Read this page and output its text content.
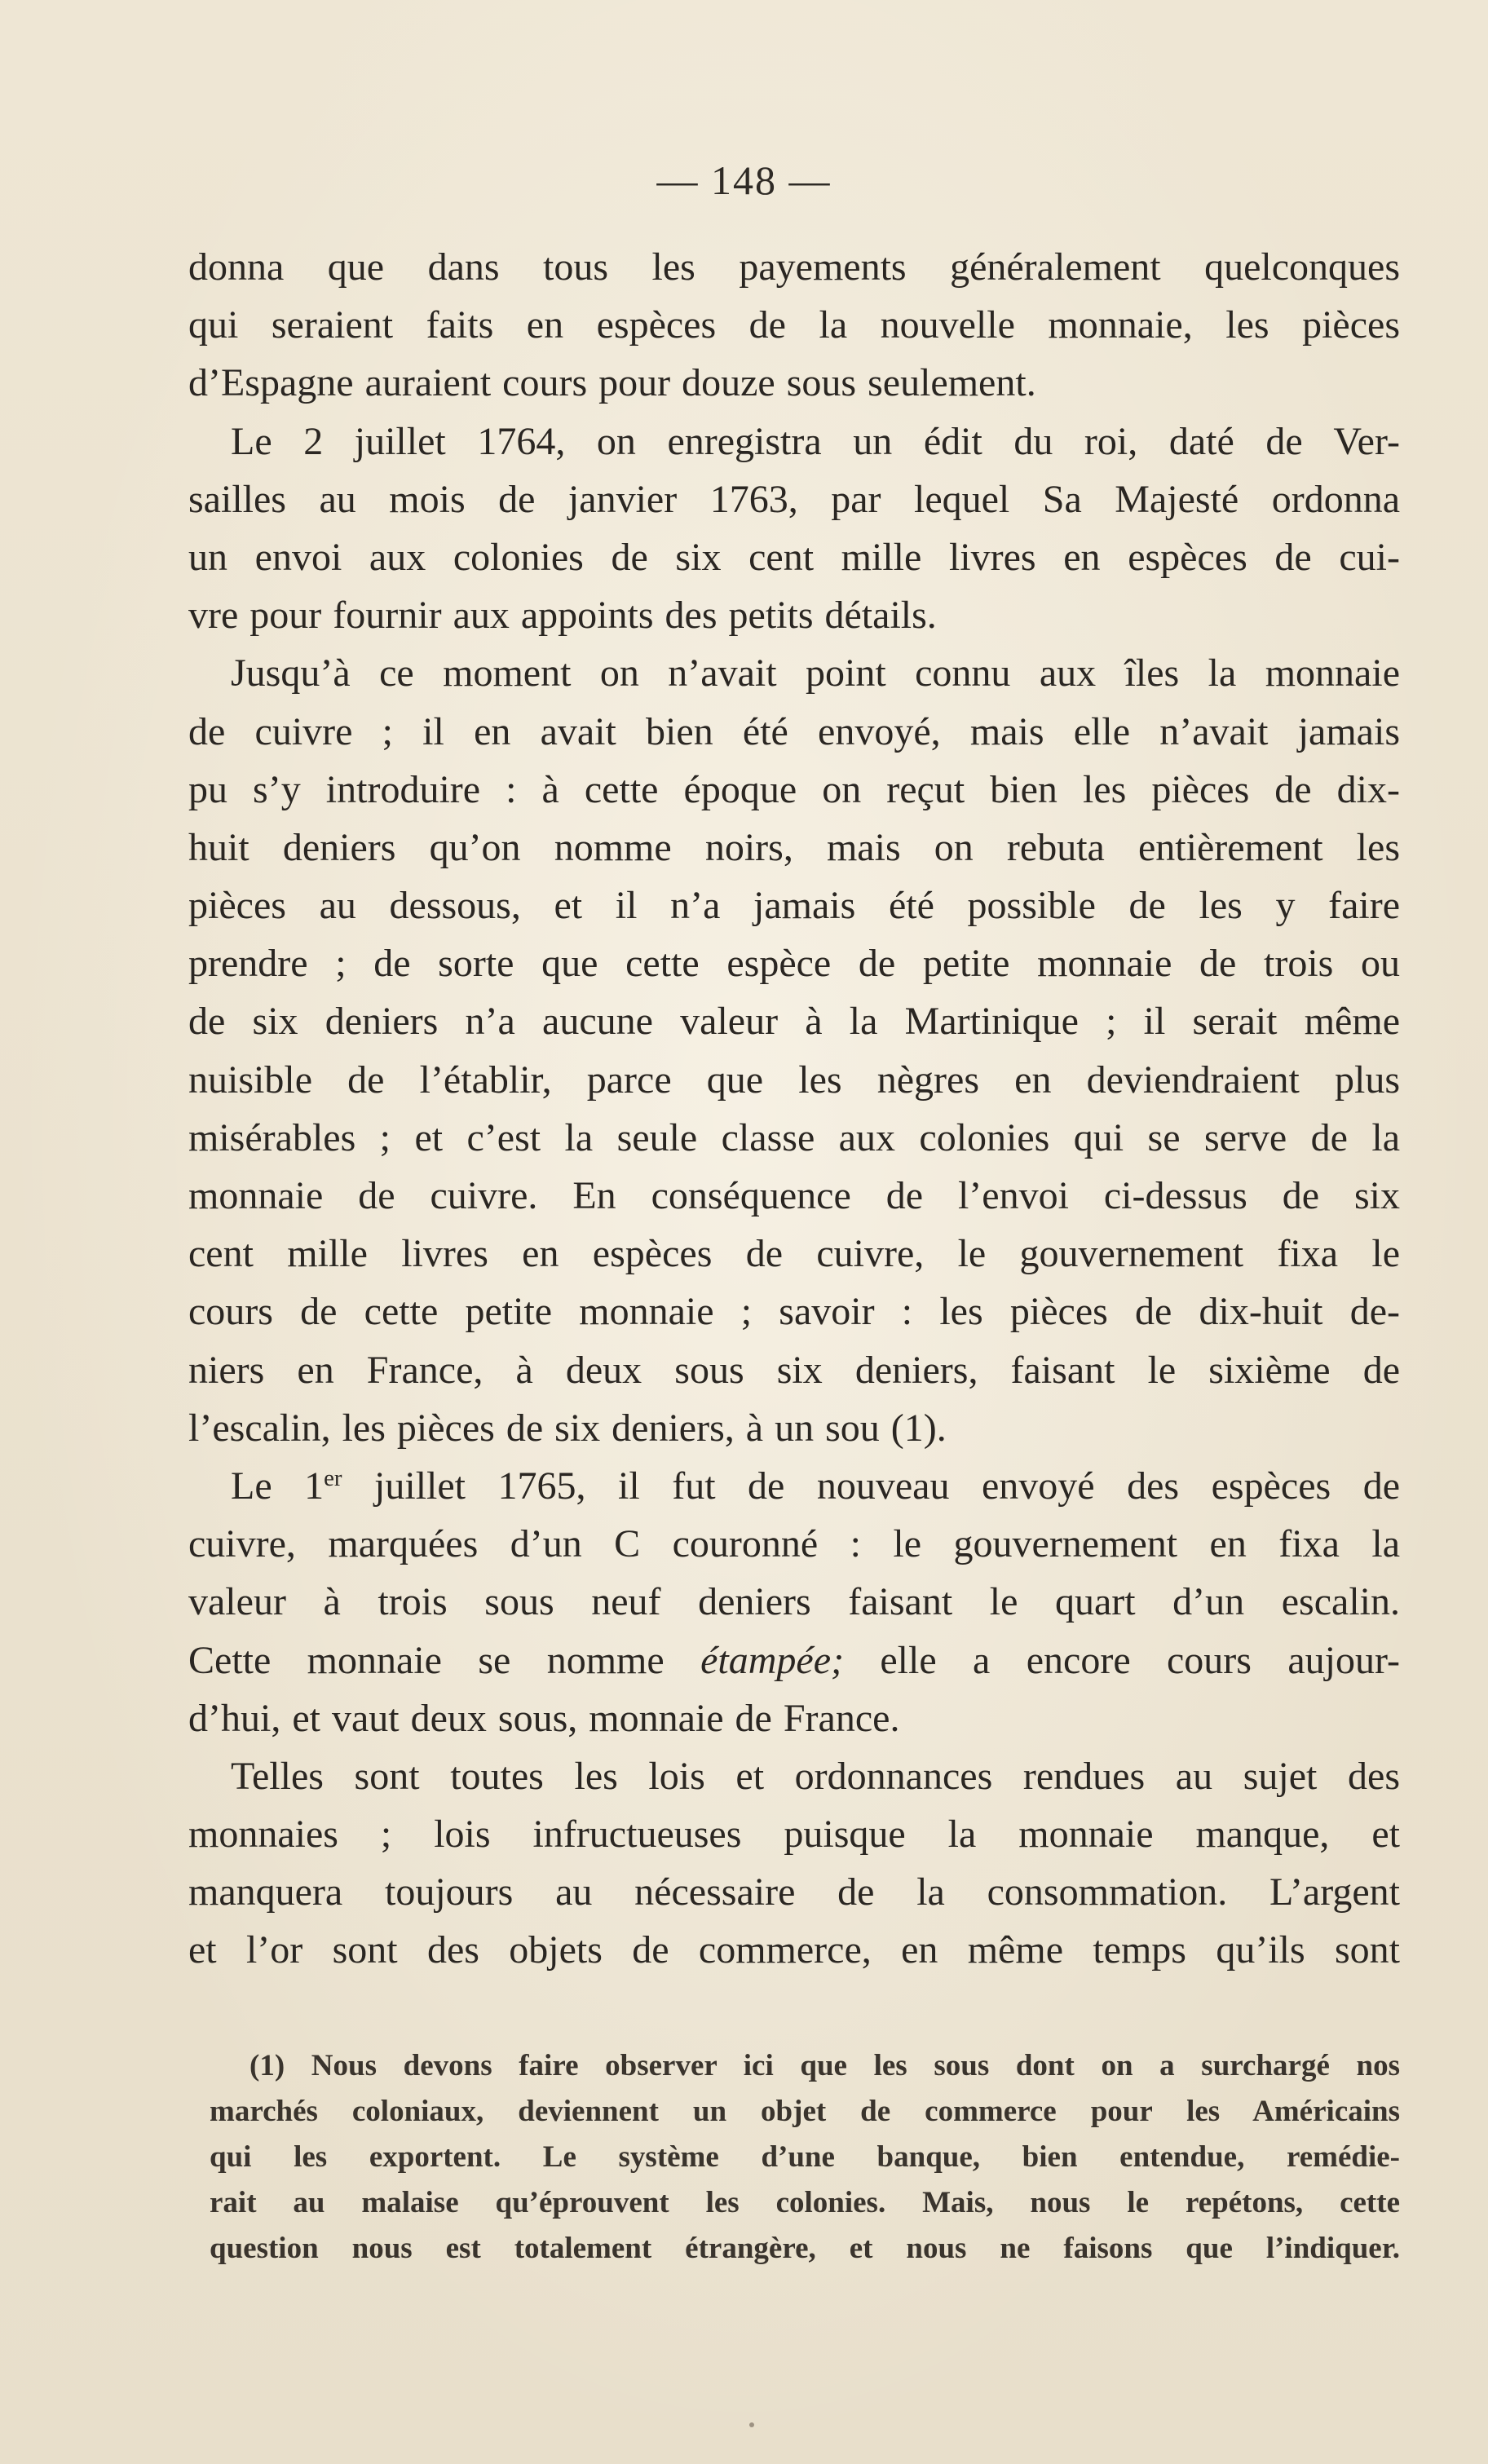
— 148 —
donna que dans tous les payements généralement quelconques
qui seraient faits en espèces de la nouvelle monnaie, les pièces
d’Espagne auraient cours pour douze sous seulement.
Le 2 juillet 1764, on enregistra un édit du roi, daté de Ver-
sailles au mois de janvier 1763, par lequel Sa Majesté ordonna
un envoi aux colonies de six cent mille livres en espèces de cui-
vre pour fournir aux appoints des petits détails.
Jusqu’à ce moment on n’avait point connu aux îles la monnaie
de cuivre ; il en avait bien été envoyé, mais elle n’avait jamais
pu s’y introduire : à cette époque on reçut bien les pièces de dix-
huit deniers qu’on nomme noirs, mais on rebuta entièrement les
pièces au dessous, et il n’a jamais été possible de les y faire
prendre ; de sorte que cette espèce de petite monnaie de trois ou
de six deniers n’a aucune valeur à la Martinique ; il serait même
nuisible de l’établir, parce que les nègres en deviendraient plus
misérables ; et c’est la seule classe aux colonies qui se serve de la
monnaie de cuivre. En conséquence de l’envoi ci-dessus de six
cent mille livres en espèces de cuivre, le gouvernement fixa le
cours de cette petite monnaie ; savoir : les pièces de dix-huit de-
niers en France, à deux sous six deniers, faisant le sixième de
l’escalin, les pièces de six deniers, à un sou (1).
Le 1er juillet 1765, il fut de nouveau envoyé des espèces de
cuivre, marquées d’un C couronné : le gouvernement en fixa la
valeur à trois sous neuf deniers faisant le quart d’un escalin.
Cette monnaie se nomme étampée; elle a encore cours aujour-
d’hui, et vaut deux sous, monnaie de France.
Telles sont toutes les lois et ordonnances rendues au sujet des
monnaies ; lois infructueuses puisque la monnaie manque, et
manquera toujours au nécessaire de la consommation. L’argent
et l’or sont des objets de commerce, en même temps qu’ils sont
(1) Nous devons faire observer ici que les sous dont on a surchargé nos
marchés coloniaux, deviennent un objet de commerce pour les Américains
qui les exportent. Le système d’une banque, bien entendue, remédie-
rait au malaise qu’éprouvent les colonies. Mais, nous le repétons, cette
question nous est totalement étrangère, et nous ne faisons que l’indiquer.
